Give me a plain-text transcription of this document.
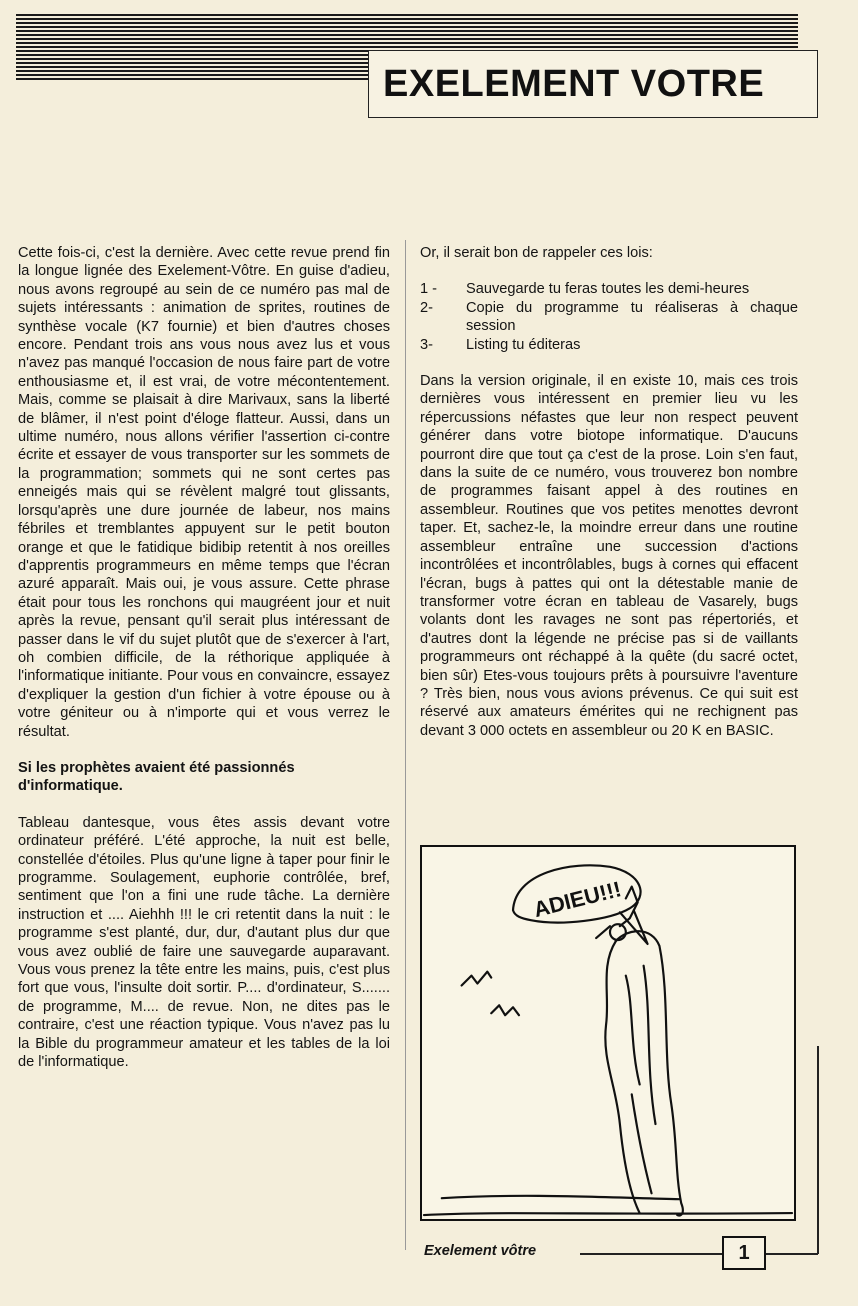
EXELEMENT VOTRE

Cette fois-ci, c'est la dernière. Avec cette revue prend fin la longue lignée des Exelement-Vôtre. En guise d'adieu, nous avons regroupé au sein de ce numéro pas mal de sujets intéressants : animation de sprites, routines de synthèse vocale (K7 fournie) et bien d'autres choses encore. Pendant trois ans vous nous avez lus et vous n'avez pas manqué l'occasion de nous faire part de votre enthousiasme et, il est vrai, de votre mécontentement. Mais, comme se plaisait à dire Marivaux, sans la liberté de blâmer, il n'est point d'éloge flatteur. Aussi, dans un ultime numéro, nous allons vérifier l'assertion ci-contre écrite et essayer de vous transporter sur les sommets de la programmation; sommets qui ne sont certes pas enneigés mais qui se révèlent malgré tout glissants, lorsqu'après une dure journée de labeur, nos mains fébriles et tremblantes appuyent sur le petit bouton orange et que le fatidique bidibip retentit à nos oreilles d'apprentis programmeurs en même temps que l'écran azuré apparaît. Mais oui, je vous assure. Cette phrase était pour tous les ronchons qui maugréent jour et nuit après la revue, pensant qu'il serait plus intéressant de passer dans le vif du sujet plutôt que de s'exercer à l'art, oh combien difficile, de la réthorique appliquée à l'informatique initiante. Pour vous en convaincre, essayez d'expliquer la gestion d'un fichier à votre épouse ou à votre géniteur ou à n'importe qui et vous verrez le résultat.

Si les prophètes avaient été passionnés d'informatique.

Tableau dantesque, vous êtes assis devant votre ordinateur préféré. L'été approche, la nuit est belle, constellée d'étoiles. Plus qu'une ligne à taper pour finir le programme. Soulagement, euphorie contrôlée, bref, sentiment que l'on a fini une rude tâche. La dernière instruction et .... Aiehhh !!! le cri retentit dans la nuit : le programme s'est planté, dur, dur, d'autant plus dur que vous avez oublié de faire une sauvegarde auparavant. Vous vous prenez la tête entre les mains, puis, c'est plus fort que vous, l'insulte doit sortir. P.... d'ordinateur, S....... de programme, M.... de revue. Non, ne dites pas le contraire, c'est une réaction typique. Vous n'avez pas lu la Bible du programmeur amateur et les tables de la loi de l'informatique.

Or, il serait bon de rappeler ces lois:

1 -	Sauvegarde tu feras toutes les demi-heures
2-	Copie du programme tu réaliseras à chaque session
3-	Listing tu éditeras

Dans la version originale, il en existe 10, mais ces trois dernières vous intéressent en premier lieu vu les répercussions néfastes que leur non respect peuvent générer dans votre biotope informatique. D'aucuns pourront dire que tout ça c'est de la prose. Loin s'en faut, dans la suite de ce numéro, vous trouverez bon nombre de programmes faisant appel à des routines en assembleur. Routines que vos petites menottes devront taper. Et, sachez-le, la moindre erreur dans une routine assembleur entraîne une succession d'actions incontrôlées et incontrôlables, bugs à cornes qui effacent l'écran, bugs à pattes qui ont la détestable manie de transformer votre écran en tableau de Vasarely, bugs volants dont les ravages ne sont pas répertoriés, et d'autres dont la légende ne précise pas si de vaillants programmeurs ont réchappé à la quête (du sacré octet, bien sûr) Etes-vous toujours prêts à poursuivre l'aventure ? Très bien, nous vous avions prévenus. Ce qui suit est réservé aux amateurs émérites qui ne rechignent pas devant 3 000 octets en assembleur ou 20 K en BASIC.

ADIEU!!!
Exelement vôtre	1
